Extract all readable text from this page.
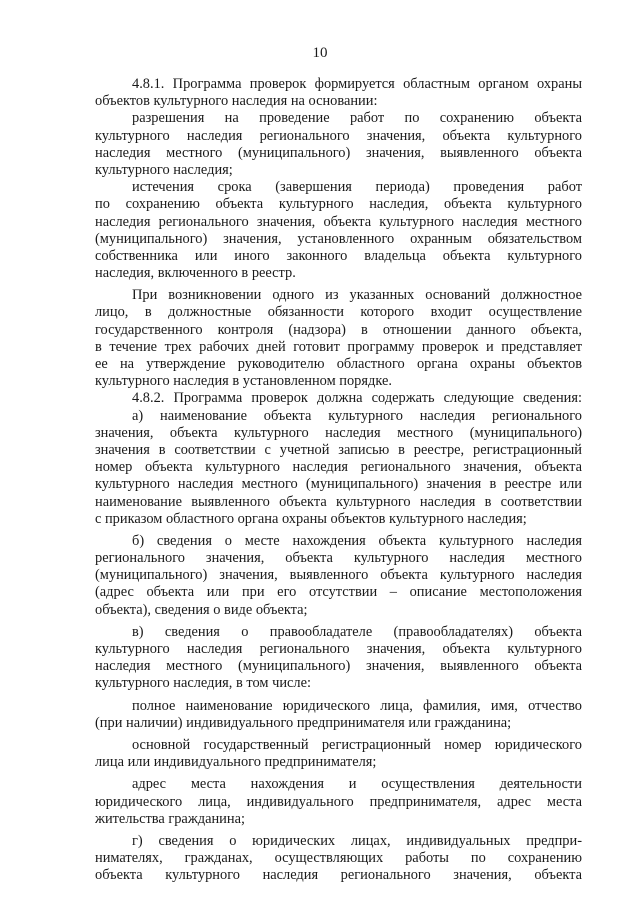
10
4.8.1. Программа проверок формируется областным органом охраны
объектов культурного наследия на основании:
разрешения на проведение работ по сохранению объекта
культурного наследия регионального значения, объекта культурного
наследия местного (муниципального) значения, выявленного объекта
культурного наследия;
истечения срока (завершения периода) проведения работ
по сохранению объекта культурного наследия, объекта культурного
наследия регионального значения, объекта культурного наследия местного
(муниципального) значения, установленного охранным обязательством
собственника или иного законного владельца объекта культурного
наследия, включенного в реестр.
При возникновении одного из указанных оснований должностное
лицо, в должностные обязанности которого входит осуществление
государственного контроля (надзора) в отношении данного объекта,
в течение трех рабочих дней готовит программу проверок и представляет
ее на утверждение руководителю областного органа охраны объектов
культурного наследия в установленном порядке.
4.8.2. Программа проверок должна содержать следующие сведения:
а) наименование объекта культурного наследия регионального
значения, объекта культурного наследия местного (муниципального)
значения в соответствии с учетной записью в реестре, регистрационный
номер объекта культурного наследия регионального значения, объекта
культурного наследия местного (муниципального) значения в реестре или
наименование выявленного объекта культурного наследия в соответствии
с приказом областного органа охраны объектов культурного наследия;
б) сведения о месте нахождения объекта культурного наследия
регионального значения, объекта культурного наследия местного
(муниципального) значения, выявленного объекта культурного наследия
(адрес объекта или при его отсутствии – описание местоположения
объекта), сведения о виде объекта;
в) сведения о правообладателе (правообладателях) объекта
культурного наследия регионального значения, объекта культурного
наследия местного (муниципального) значения, выявленного объекта
культурного наследия, в том числе:
полное наименование юридического лица, фамилия, имя, отчество
(при наличии) индивидуального предпринимателя или гражданина;
основной государственный регистрационный номер юридического
лица или индивидуального предпринимателя;
адрес места нахождения и осуществления деятельности
юридического лица, индивидуального предпринимателя, адрес места
жительства гражданина;
г) сведения о юридических лицах, индивидуальных предпри-
нимателях, гражданах, осуществляющих работы по сохранению
объекта культурного наследия регионального значения, объекта
